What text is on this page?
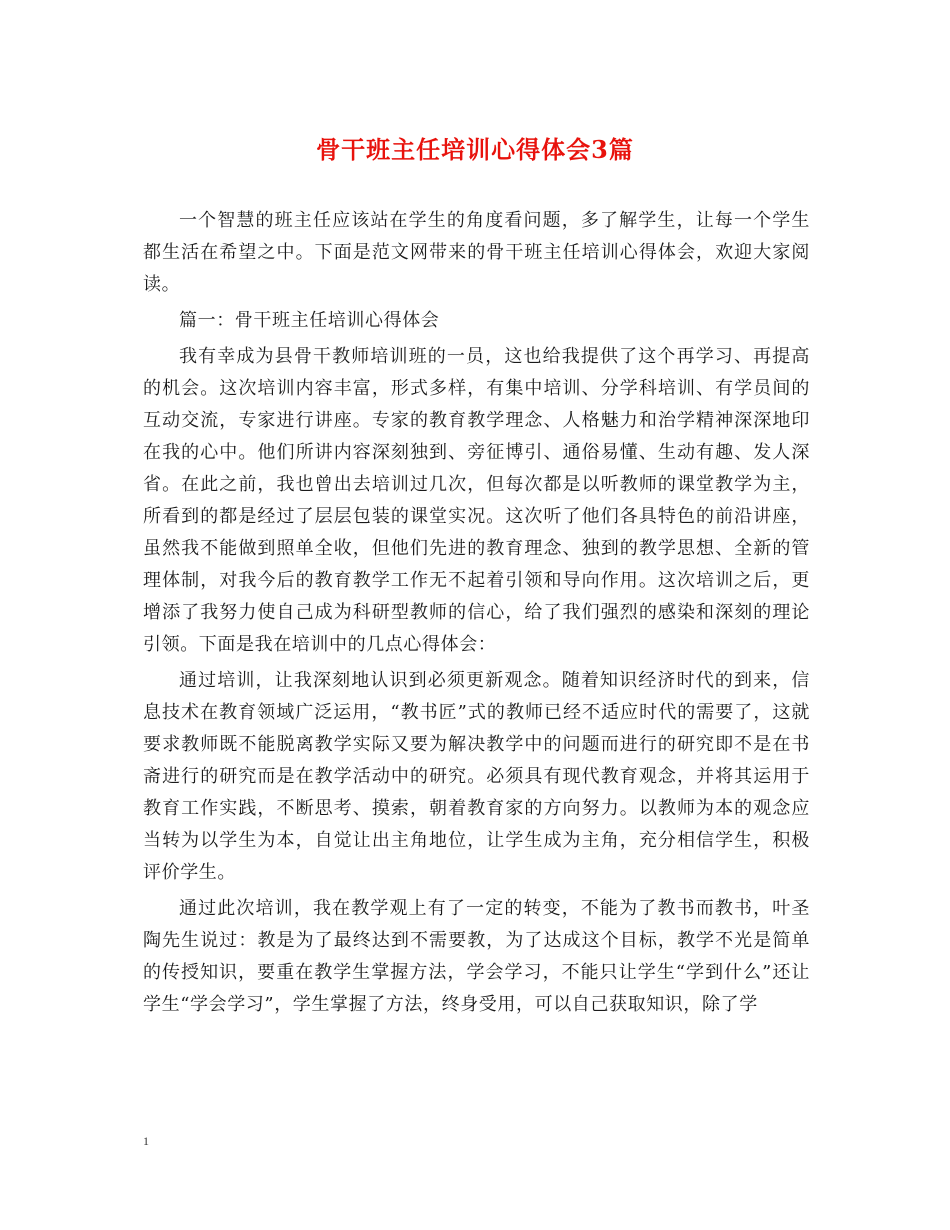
骨干班主任培训心得体会3篇

一个智慧的班主任应该站在学生的角度看问题，多了解学生，让每一个学生都生活在希望之中。下面是范文网带来的骨干班主任培训心得体会，欢迎大家阅读。

篇一：骨干班主任培训心得体会

我有幸成为县骨干教师培训班的一员，这也给我提供了这个再学习、再提高的机会。这次培训内容丰富，形式多样，有集中培训、分学科培训、有学员间的互动交流，专家进行讲座。专家的教育教学理念、人格魅力和治学精神深深地印在我的心中。他们所讲内容深刻独到、旁征博引、通俗易懂、生动有趣、发人深省。在此之前，我也曾出去培训过几次，但每次都是以听教师的课堂教学为主，所看到的都是经过了层层包装的课堂实况。这次听了他们各具特色的前沿讲座，虽然我不能做到照单全收，但他们先进的教育理念、独到的教学思想、全新的管理体制，对我今后的教育教学工作无不起着引领和导向作用。这次培训之后，更增添了我努力使自己成为科研型教师的信心，给了我们强烈的感染和深刻的理论引领。下面是我在培训中的几点心得体会：

通过培训，让我深刻地认识到必须更新观念。随着知识经济时代的到来，信息技术在教育领域广泛运用，“教书匠”式的教师已经不适应时代的需要了，这就要求教师既不能脱离教学实际又要为解决教学中的问题而进行的研究即不是在书斋进行的研究而是在教学活动中的研究。必须具有现代教育观念，并将其运用于教育工作实践，不断思考、摸索，朝着教育家的方向努力。以教师为本的观念应当转为以学生为本，自觉让出主角地位，让学生成为主角，充分相信学生，积极评价学生。

通过此次培训，我在教学观上有了一定的转变，不能为了教书而教书，叶圣陶先生说过：教是为了最终达到不需要教，为了达成这个目标，教学不光是简单的传授知识，要重在教学生掌握方法，学会学习，不能只让学生“学到什么”还让学生“学会学习”，学生掌握了方法，终身受用，可以自己获取知识，除了学

1
